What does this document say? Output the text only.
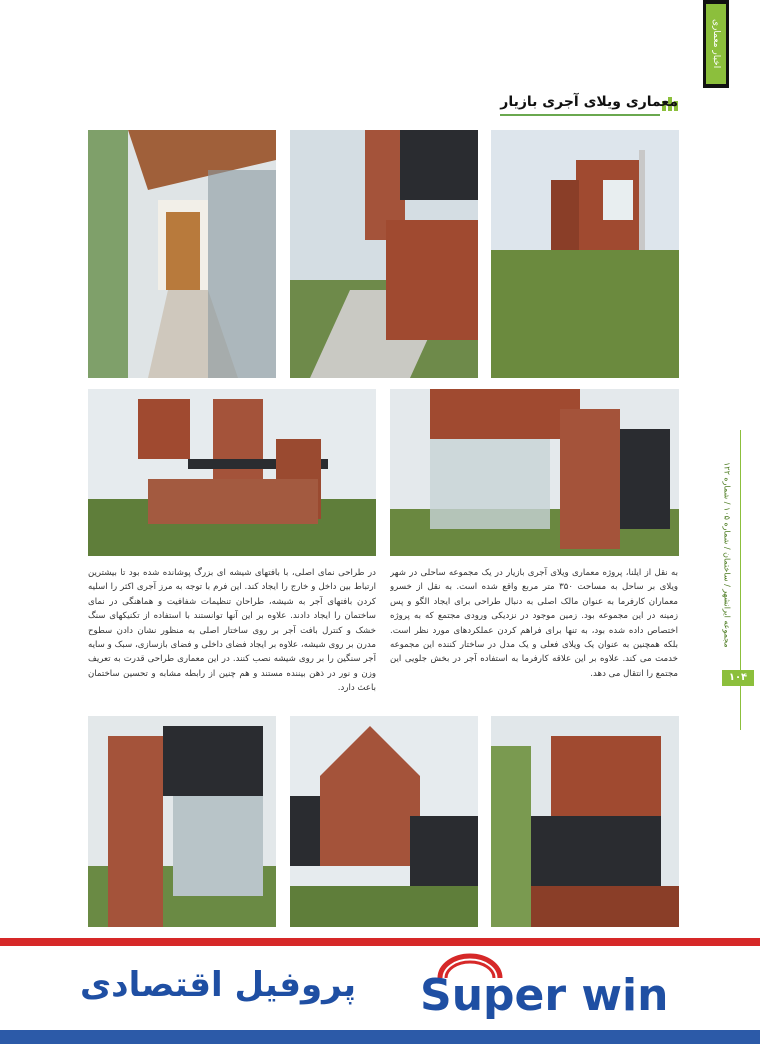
اخبار معماری
معماری ویلای آجری بازیار
مجموعه ایرانشهر / ساختمان / شماره ۱۰۵ / شماره ۱۲۲
۱۰۴
به نقل از ایلنا، پروژه معماری ویلای آجری بازیار در یک مجموعه ساحلی در شهر ویلای بر ساحل به مساحت ۳۵۰ متر مربع واقع شده است. به نقل از خسرو معماران کارفرما به عنوان مالک اصلی به دنبال طراحی برای ایجاد الگو و پس زمینه در این مجموعه بود. زمین موجود در نزدیکی ورودی مجتمع که به پروژه اختصاص داده شده بود، به تنها برای فراهم کردن عملکردهای مورد نظر است. بلکه همچنین به عنوان یک ویلای فعلی و یک مدل در ساختار کننده این مجموعه خدمت می کند. علاوه بر این علاقه کارفرما به استفاده آجر در بخش جلویی این مجتمع را انتقال می دهد.
در طراحی نمای اصلی، با بافتهای شیشه ای بزرگ پوشانده شده بود تا بیشترین ارتباط بین داخل و خارج را ایجاد کند. این فرم با توجه به مرز آجری اکثر را اسلیه کردن بافتهای آجر به شیشه، طراحان تنظیمات شفافیت و هماهنگی در نمای ساختمان را ایجاد دادند. علاوه بر این آنها توانستند با استفاده از تکنیکهای سنگ خشک و کنترل بافت آجر بر روی ساختار اصلی به منظور نشان دادن سطوح مدرن بر روی شیشه، علاوه بر ایجاد فضای داخلی و فضای بازسازی، سبک و سایه آجر سنگین را بر روی شیشه نصب کنند. در این معماری طراحی قدرت به تعریف وزن و نور در ذهن بیننده مستند و هم چنین از رابطه مشابه و تحسین ساختمان باعث دارد.
پروفیل اقتصادی Super win
